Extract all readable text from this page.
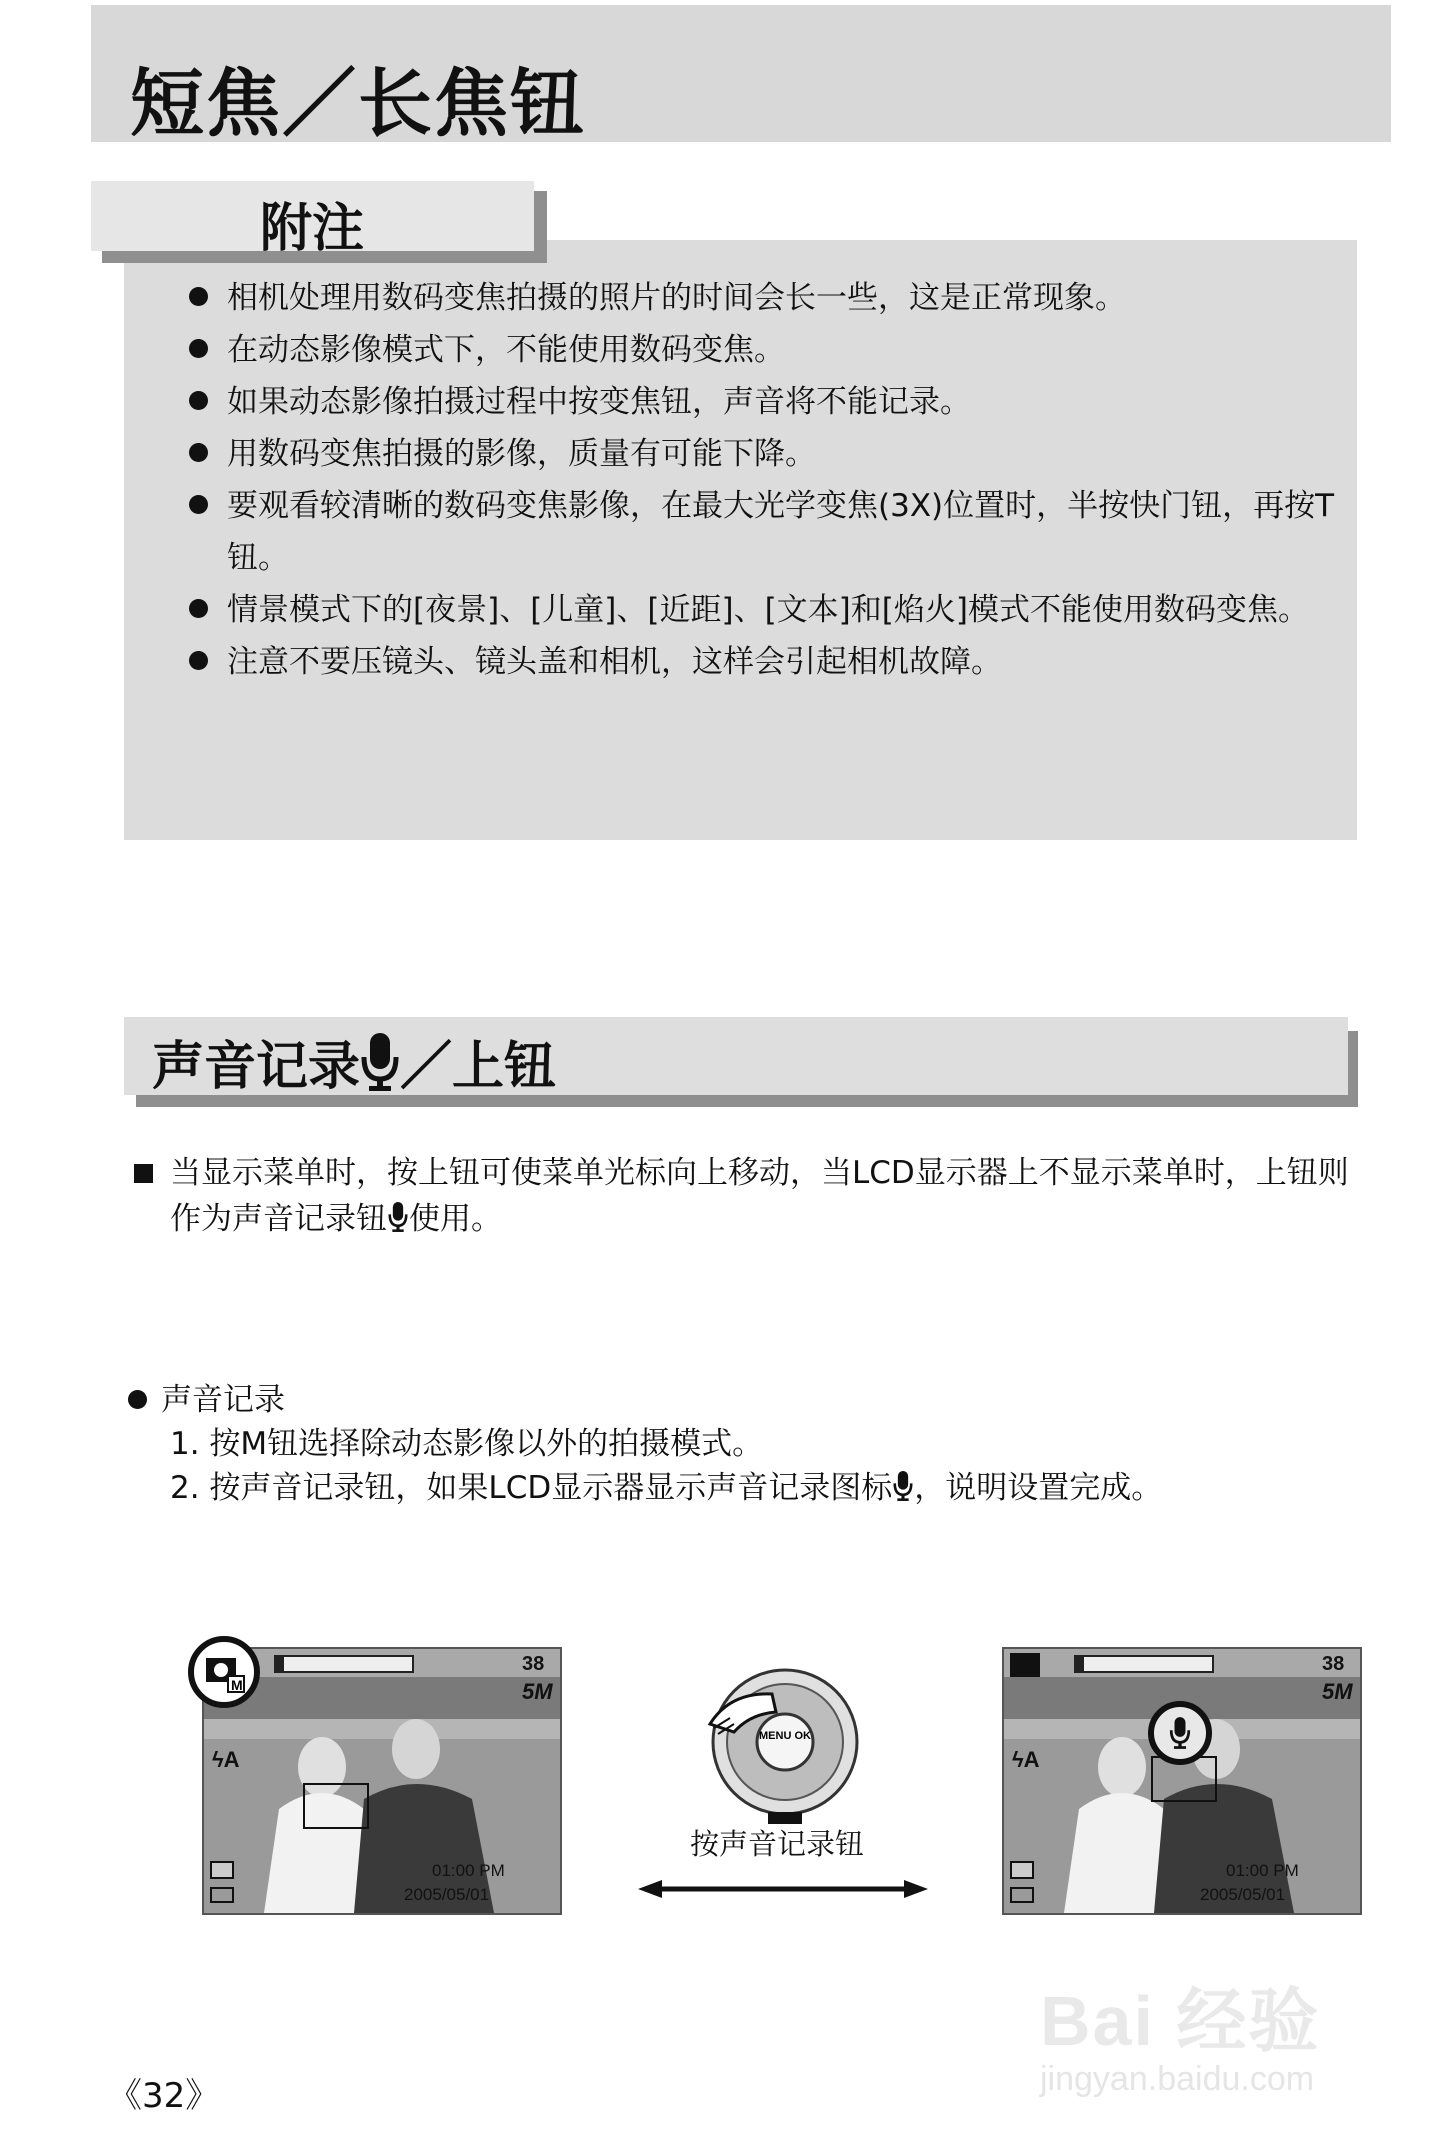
短焦／长焦钮
附注
相机处理用数码变焦拍摄的照片的时间会长一些，这是正常现象。
在动态影像模式下，不能使用数码变焦。
如果动态影像拍摄过程中按变焦钮，声音将不能记录。
用数码变焦拍摄的影像，质量有可能下降。
要观看较清晰的数码变焦影像，在最大光学变焦(3X)位置时，半按快门钮，再按T钮。
情景模式下的[夜景]、[儿童]、[近距]、[文本]和[焰火]模式不能使用数码变焦。
注意不要压镜头、镜头盖和相机，这样会引起相机故障。
声音记录 ／上钮
当显示菜单时，按上钮可使菜单光标向上移动，当LCD显示器上不显示菜单时，上钮则作为声音记录钮 使用。
声音记录
1. 按M钮选择除动态影像以外的拍摄模式。
2. 按声音记录钮，如果LCD显示器显示声音记录图标 ，说明设置完成。
38
5M
ϟA
01:00 PM
2005/05/01
M
38
5M
ϟA
01:00 PM
2005/05/01
MENU OK
按声音记录钮
《32》
Bai 经验
jingyan.baidu.com
